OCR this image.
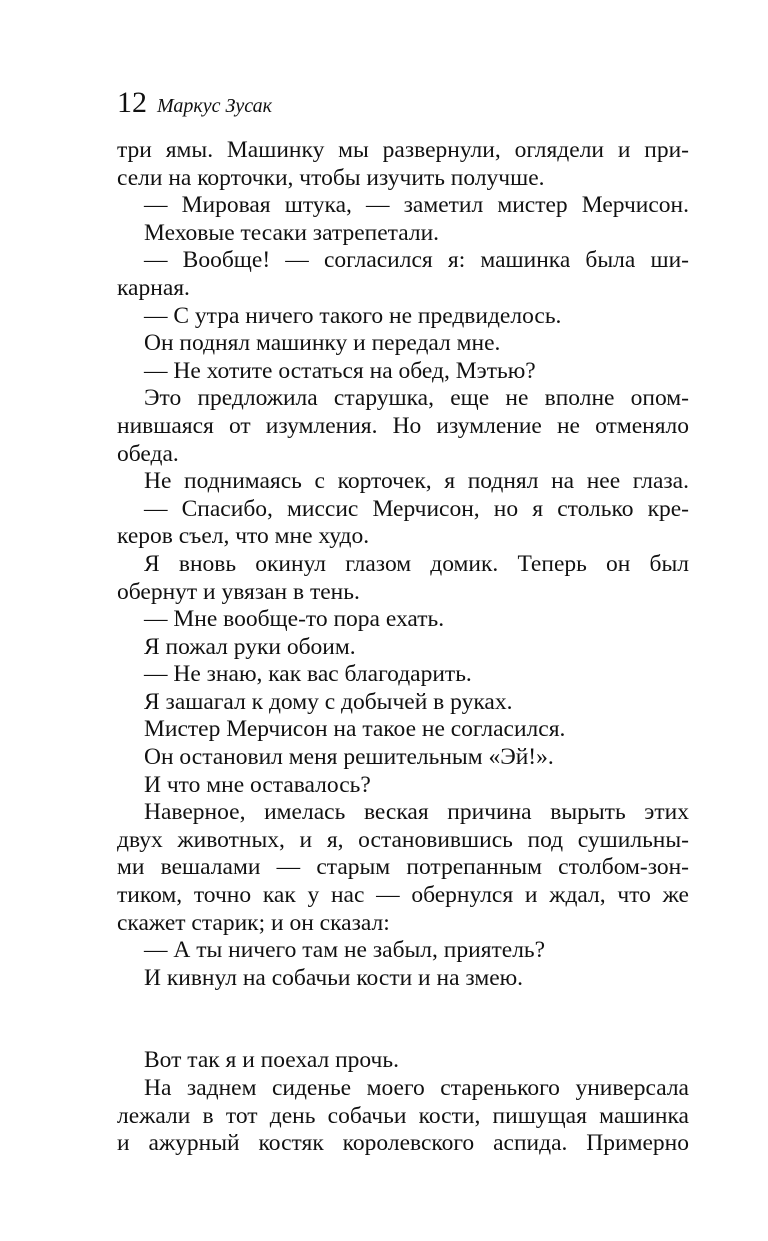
12 Маркус Зусак
три ямы. Машинку мы развернули, оглядели и при-
сели на корточки, чтобы изучить получше.
— Мировая штука, — заметил мистер Мерчисон.
Меховые тесаки затрепетали.
— Вообще! — согласился я: машинка была ши-
карная.
— С утра ничего такого не предвиделось.
Он поднял машинку и передал мне.
— Не хотите остаться на обед, Мэтью?
Это предложила старушка, еще не вполне опом-
нившаяся от изумления. Но изумление не отменяло
обеда.
Не поднимаясь с корточек, я поднял на нее глаза.
— Спасибо, миссис Мерчисон, но я столько кре-
керов съел, что мне худо.
Я вновь окинул глазом домик. Теперь он был
обернут и увязан в тень.
— Мне вообще-то пора ехать.
Я пожал руки обоим.
— Не знаю, как вас благодарить.
Я зашагал к дому с добычей в руках.
Мистер Мерчисон на такое не согласился.
Он остановил меня решительным «Эй!».
И что мне оставалось?
Наверное, имелась веская причина вырыть этих
двух животных, и я, остановившись под сушильны-
ми вешалами — старым потрепанным столбом-зон-
тиком, точно как у нас — обернулся и ждал, что же
скажет старик; и он сказал:
— А ты ничего там не забыл, приятель?
И кивнул на собачьи кости и на змею.
Вот так я и поехал прочь.
На заднем сиденье моего старенького универсала
лежали в тот день собачьи кости, пишущая машинка
и ажурный костяк королевского аспида. Примерно
